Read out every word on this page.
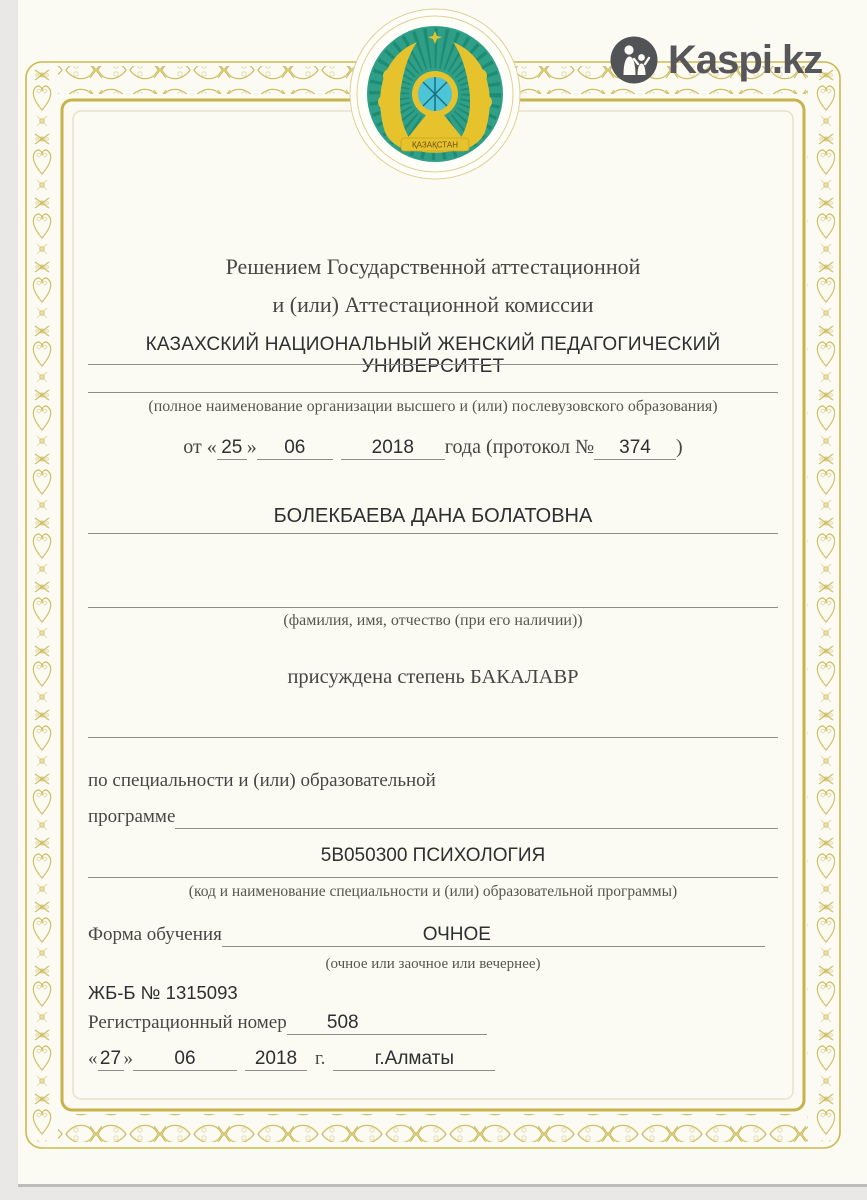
ҚАЗАҚСТАН
Kaspi.kz
Решением Государственной аттестационной
и (или) Аттестационной комиссии
КАЗАХСКИЙ НАЦИОНАЛЬНЫЙ ЖЕНСКИЙ ПЕДАГОГИЧЕСКИЙ УНИВЕРСИТЕТ
(полное наименование организации высшего и (или) послевузовского образования)
от « 25 »	06	2018	года (протокол №	374	)
БОЛЕКБАЕВА ДАНА БОЛАТОВНА
(фамилия, имя, отчество (при его наличии))
присуждена степень БАКАЛАВР
по специальности и (или) образовательной
программе
5B050300 ПСИХОЛОГИЯ
(код и наименование специальности и (или) образовательной программы)
Форма обучения	ОЧНОЕ
(очное или заочное или вечернее)
ЖБ-Б № 1315093
Регистрационный номер	508
« 27 »	06	2018 г.	г.Алматы
